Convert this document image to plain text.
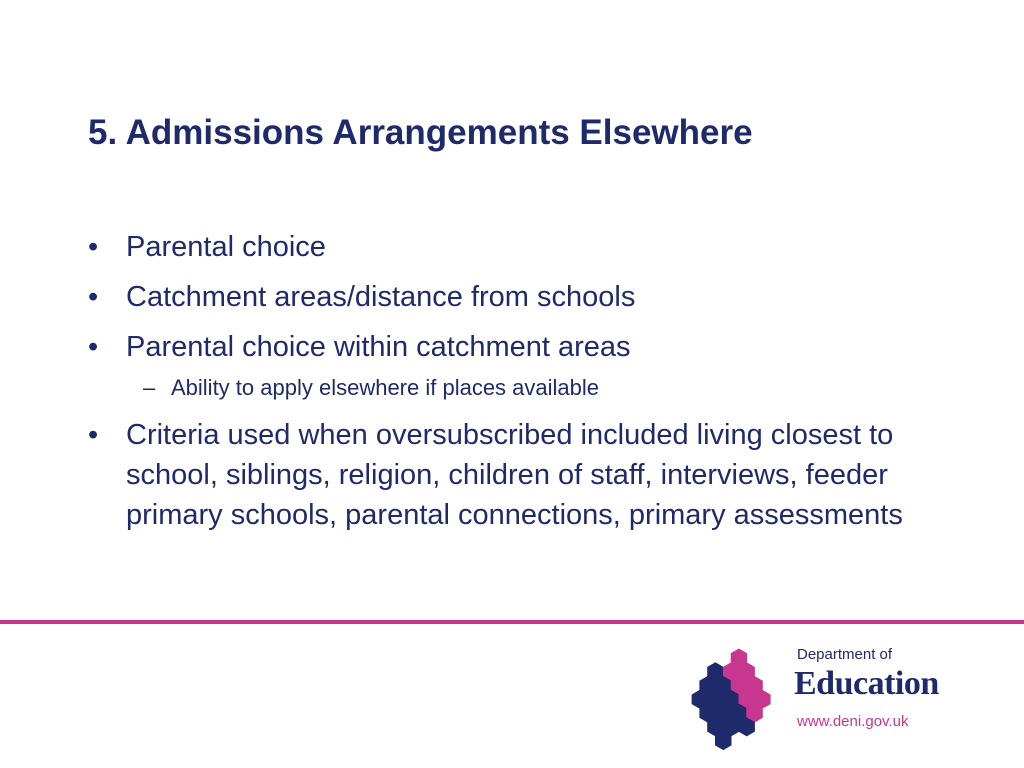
5. Admissions Arrangements Elsewhere
• Parental choice
• Catchment areas/distance from schools
• Parental choice within catchment areas
– Ability to apply elsewhere if places available
• Criteria used when oversubscribed included living closest to school, siblings, religion, children of staff, interviews, feeder primary schools, parental connections, primary assessments
Department of
Education
www.deni.gov.uk
